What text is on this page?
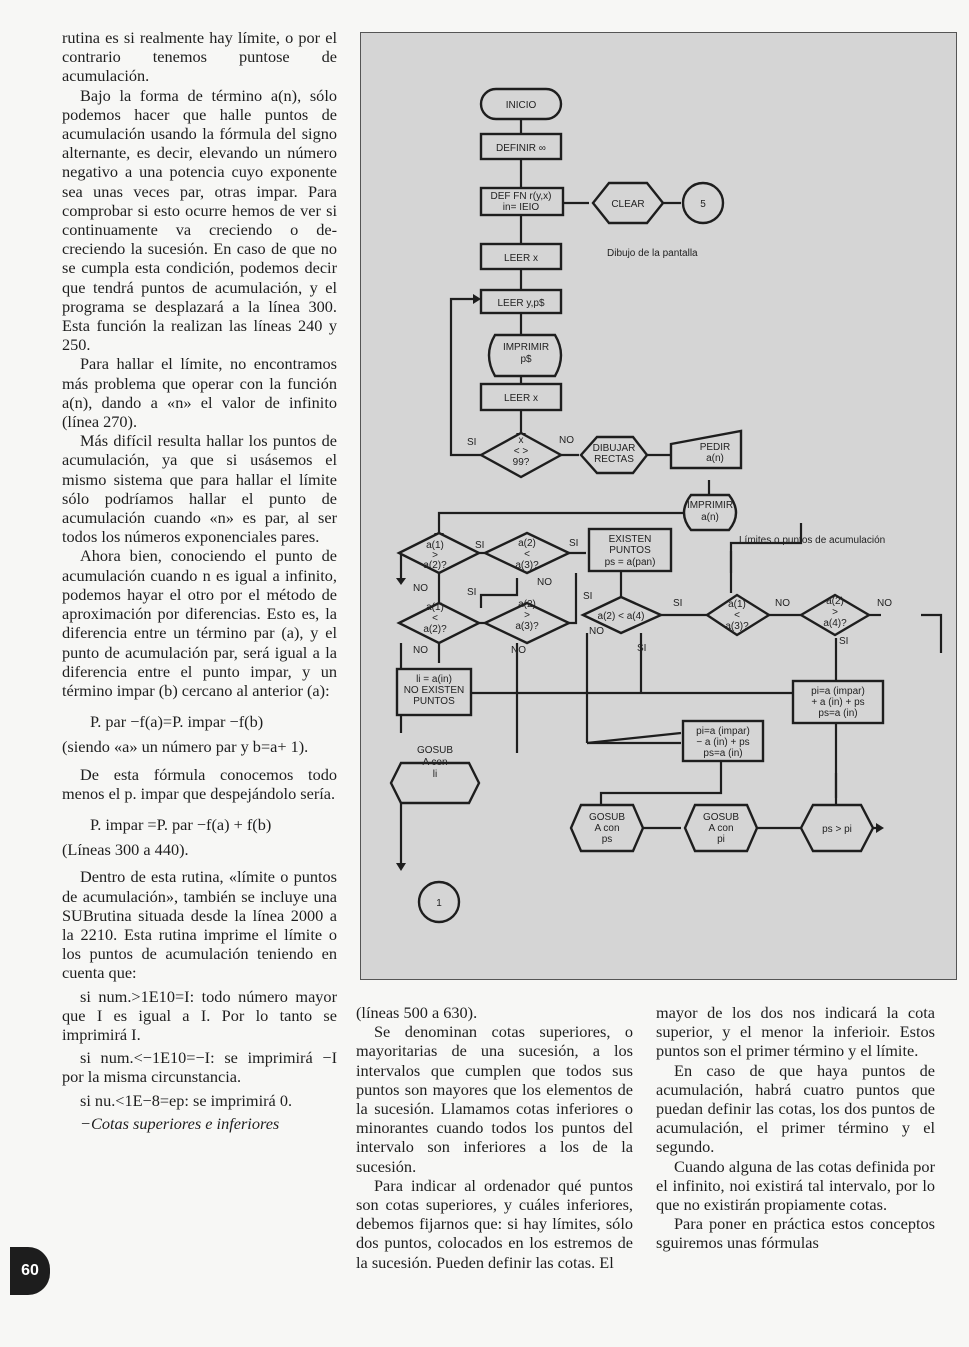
rutina es si realmente hay límite, o por el contrario tenemos puntose de acumulación.

Bajo la forma de término a(n), sólo podemos hacer que halle puntos de acumulación usando la fórmula del signo alternante, es decir, elevando un número negativo a una potencia cuyo exponente sea unas veces par, otras impar. Para comprobar si esto ocurre hemos de ver si continuamente va creciendo o decreciendo la sucesión. En caso de que no se cumpla esta condición, podemos decir que tendrá puntos de acumulación, y el programa se desplazará a la línea 300. Esta función la realizan las líneas 240 y 250.

Para hallar el límite, no encontramos más problema que operar con la función a(n), dando a «n» el valor de infinito (línea 270).

Más difícil resulta hallar los puntos de acumulación, ya que si usásemos el mismo sistema que para hallar el límite sólo podríamos hallar el punto de acumulación cuando «n» es par, al ser todos los números exponenciales pares.

Ahora bien, conociendo el punto de acumulación cuando n es igual a infinito, podemos hayar el otro por el método de aproximación por diferencias. Esto es, la diferencia entre un término par (a), y el punto de acumulación par, será igual a la diferencia entre el punto impar, y un término impar (b) cercano al anterior (a):

P. par −f(a)=P. impar −f(b)

(siendo «a» un número par y b=a+ 1).

De esta fórmula conocemos todo menos el p. impar que despejándolo sería.

P. impar =P. par −f(a) + f(b)

(Líneas 300 a 440).

Dentro de esta rutina, «límite o puntos de acumulación», también se incluye una SUBrutina situada desde la línea 2000 a la 2210. Esta rutina imprime el límite o los puntos de acumulación teniendo en cuenta que:

si num.>1E10=I: todo número mayor que I es igual a I. Por lo tanto se imprimirá I.

si num.<−1E10=−I: se imprimirá −I por la misma circunstancia.

si nu.<1E−8=ep: se imprimirá 0.

−Cotas superiores e inferiores

(líneas 500 a 630).

Se denominan cotas superiores, o mayoritarias de una sucesión, a los intervalos que cumplen que todos sus puntos son mayores que los elementos de la sucesión. Llamamos cotas inferiores o minorantes cuando todos los puntos del intervalo son inferiores a los de la sucesión.

Para indicar al ordenador qué puntos son cotas superiores, y cuáles inferiores, debemos fijarnos que: si hay límites, sólo dos puntos, colocados en los estremos de la sucesión. Pueden definir las cotas. El

mayor de los dos nos indicará la cota superior, y el menor la inferioir. Estos puntos son el primer término y el límite.

En caso de que haya puntos de acumulación, habrá cuatro puntos que puedan definir las cotas, los dos puntos de acumulación, el primer término y el segundo.

Cuando alguna de las cotas definida por el infinito, noi existirá tal intervalo, por lo que no existirán propiamente cotas.

Para poner en práctica estos conceptos sguiremos unas fórmulas

60
INICIO
DEFINIR ∞
DEF FN r(y,x)
in= IEIO	CLEAR	5
Dibujo de la pantalla
LEER x
LEER y,p$
IMPRIMIR
p$
LEER x
x
< >
99?
SI	NO
DIBUJAR
RECTAS
PEDIR
a(n)
IMPRIMIR
a(n)
Límites o puntos de acumulación
a(1)
>
a(2)?
SI
NO
a(2)
<
a(3)?
SI
NO
a(1)
<
a(2)?
SI
NO
a(2)
>
a(3)?
SI
NO
EXISTEN
PUNTOS
ps = a(pan)
a(2) < a(4)
NO
SI
a(1)
<
a(3)?
SI	NO	a(2)
>
a(4)?
NO
SI
li = a(in)
NO EXISTEN
PUNTOS
pi=a (impar)
+ a (in) + ps
ps=a (in)
pi=a (impar)
− a (in) + ps
ps=a (in)
GOSUB
A con
li
GOSUB
A con
ps
GOSUB
A con
pi
ps > pi
1
